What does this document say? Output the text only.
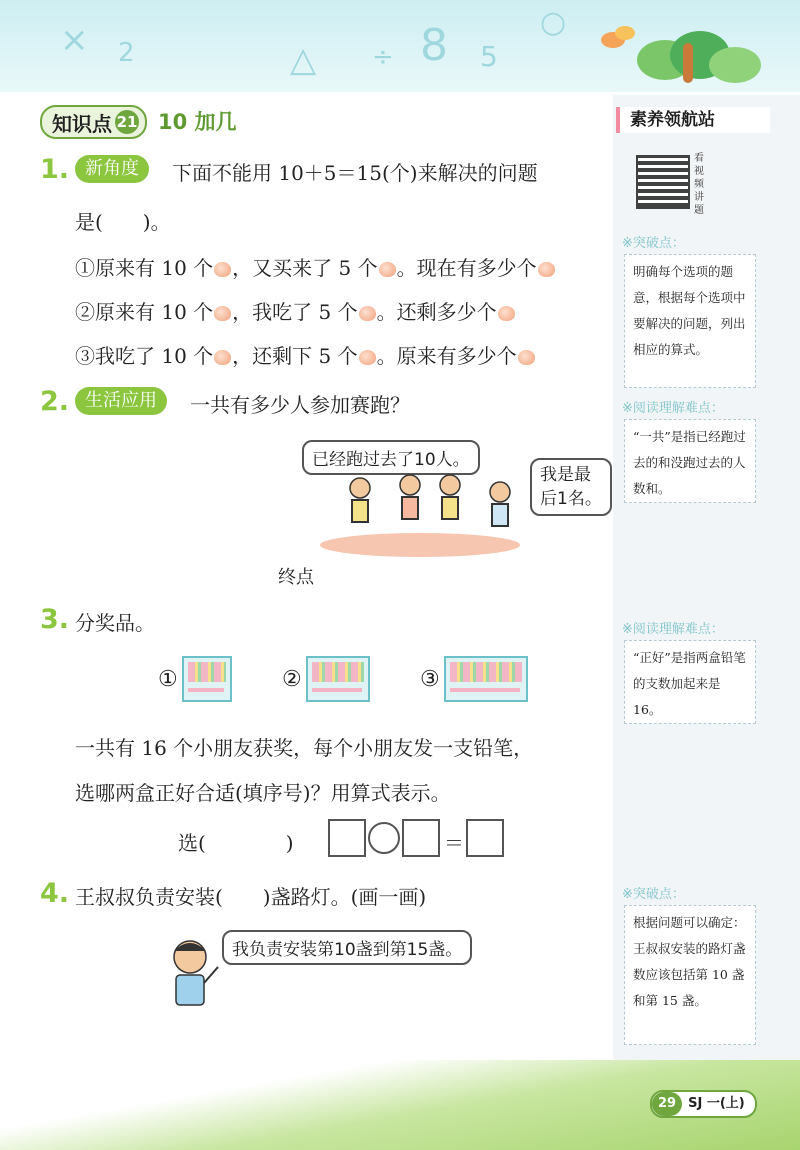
× 2	△ ÷ 8 5
○
知识点 21 10 加几	素养领航站
看视频讲题
※突破点：
明确每个选项的题意，根据每个选项中要解决的问题，列出相应的算式。
※阅读理解难点：
“一共”是指已经跑过去的和没跑过去的人数和。
※阅读理解难点：
“正好”是指两盒铅笔的支数加起来是16。
※突破点：
根据问题可以确定：王叔叔安装的路灯盏数应该包括第 10 盏和第 15 盏。
1. 新角度	下面不能用 10＋5＝15(个)来解决的问题
是(　　)。
①原来有 10 个 ，又买来了 5 个 。现在有多少个
②原来有 10 个 ，我吃了 5 个 。还剩多少个
③我吃了 10 个 ，还剩下 5 个 。原来有多少个
2. 生活应用	一共有多少人参加赛跑？
已经跑过去了10人。
我是最
后1名。
终点
3. 分奖品。
①	②	③
一共有 16 个小朋友获奖，每个小朋友发一支铅笔，
选哪两盒正好合适(填序号)？用算式表示。
选(　　　　)	＝
4. 王叔叔负责安装(　　)盏路灯。(画一画)
我负责安装第10盏到第15盏。
29 SJ 一(上)
